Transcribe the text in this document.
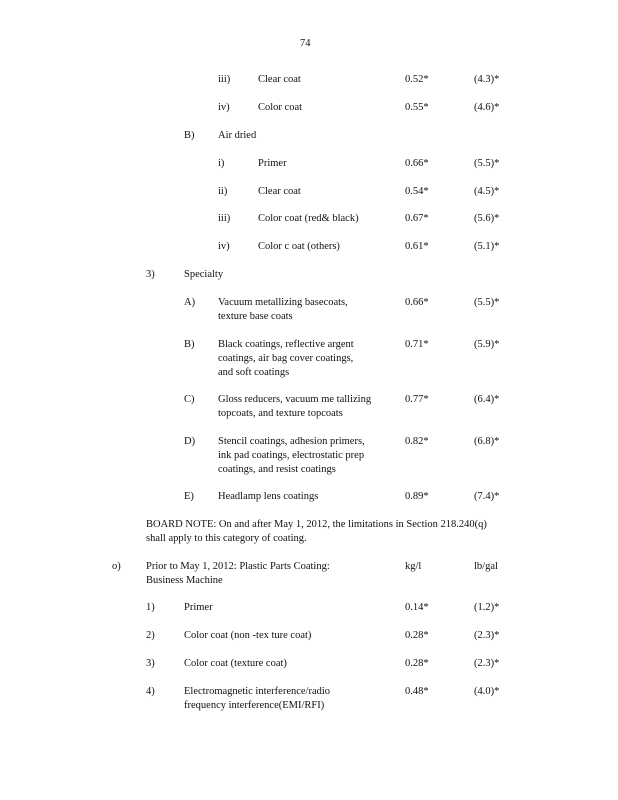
74
iii)	Clear coat	0.52*	(4.3)*
iv)	Color coat	0.55*	(4.6)*
B) Air dried
i)	Primer	0.66*	(5.5)*
ii)	Clear coat	0.54*	(4.5)*
iii)	Color coat (red& black)	0.67*	(5.6)*
iv)	Color c oat (others)	0.61*	(5.1)*
3)	Specialty
A) Vacuum metallizing basecoats,
texture base coats
0.66*	(5.5)*
B) Black coatings, reflective argent
coatings, air bag cover coatings,
and soft coatings
0.71*	(5.9)*
C) Gloss reducers, vacuum me tallizing
topcoats, and texture topcoats
0.77*	(6.4)*
D) Stencil coatings, adhesion primers,
ink pad coatings, electrostatic prep
coatings, and resist coatings
0.82*	(6.8)*
E) Headlamp lens coatings	0.89*	(7.4)*
BOARD NOTE: On and after May 1, 2012, the limitations in Section 218.240(q)
shall apply to this category of coating.
o) Prior to May 1, 2012: Plastic Parts Coating:
Business Machine
kg/l	lb/gal
1)	Primer	0.14*	(1.2)*
2)	Color coat (non -tex ture coat)	0.28*	(2.3)*
3)	Color coat (texture coat)	0.28*	(2.3)*
4)	Electromagnetic interference/radio
frequency interference(EMI/RFI)
0.48*	(4.0)*
